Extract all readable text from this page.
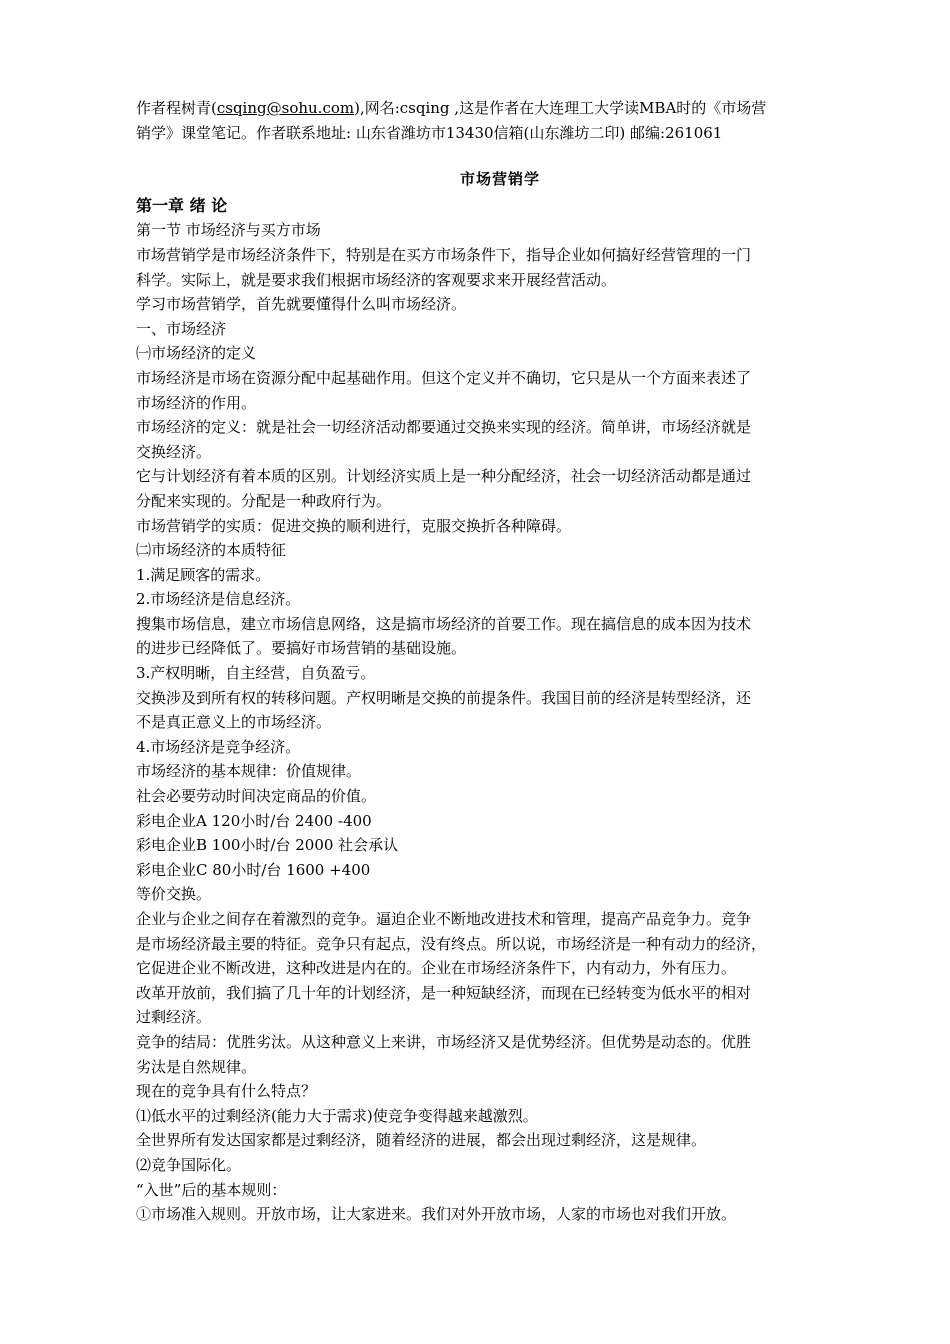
作者程树青(csqing@sohu.com),网名:csqing ,这是作者在大连理工大学读MBA时的《市场营
销学》课堂笔记。作者联系地址: 山东省潍坊市13430信箱(山东潍坊二印) 邮编:261061
市场营销学
第一章 绪 论
第一节 市场经济与买方市场
市场营销学是市场经济条件下，特别是在买方市场条件下，指导企业如何搞好经营管理的一门
科学。实际上，就是要求我们根据市场经济的客观要求来开展经营活动。
学习市场营销学，首先就要懂得什么叫市场经济。
一、市场经济
㈠市场经济的定义
市场经济是市场在资源分配中起基础作用。但这个定义并不确切，它只是从一个方面来表述了
市场经济的作用。
市场经济的定义：就是社会一切经济活动都要通过交换来实现的经济。简单讲，市场经济就是
交换经济。
它与计划经济有着本质的区别。计划经济实质上是一种分配经济，社会一切经济活动都是通过
分配来实现的。分配是一种政府行为。
市场营销学的实质：促进交换的顺利进行，克服交换折各种障碍。
㈡市场经济的本质特征
1.满足顾客的需求。
2.市场经济是信息经济。
搜集市场信息，建立市场信息网络，这是搞市场经济的首要工作。现在搞信息的成本因为技术
的进步已经降低了。要搞好市场营销的基础设施。
3.产权明晰，自主经营，自负盈亏。
交换涉及到所有权的转移问题。产权明晰是交换的前提条件。我国目前的经济是转型经济，还
不是真正意义上的市场经济。
4.市场经济是竞争经济。
市场经济的基本规律：价值规律。
社会必要劳动时间决定商品的价值。
彩电企业A 120小时/台 2400 -400
彩电企业B 100小时/台 2000 社会承认
彩电企业C 80小时/台 1600 +400
等价交换。
企业与企业之间存在着激烈的竞争。逼迫企业不断地改进技术和管理，提高产品竞争力。竞争
是市场经济最主要的特征。竞争只有起点，没有终点。所以说，市场经济是一种有动力的经济，
它促进企业不断改进，这种改进是内在的。企业在市场经济条件下，内有动力，外有压力。
改革开放前，我们搞了几十年的计划经济，是一种短缺经济，而现在已经转变为低水平的相对
过剩经济。
竞争的结局：优胜劣汰。从这种意义上来讲，市场经济又是优势经济。但优势是动态的。优胜
劣汰是自然规律。
现在的竞争具有什么特点？
⑴低水平的过剩经济(能力大于需求)使竞争变得越来越激烈。
全世界所有发达国家都是过剩经济，随着经济的进展，都会出现过剩经济，这是规律。
⑵竞争国际化。
“入世”后的基本规则：
①市场准入规则。开放市场，让大家进来。我们对外开放市场，人家的市场也对我们开放。
